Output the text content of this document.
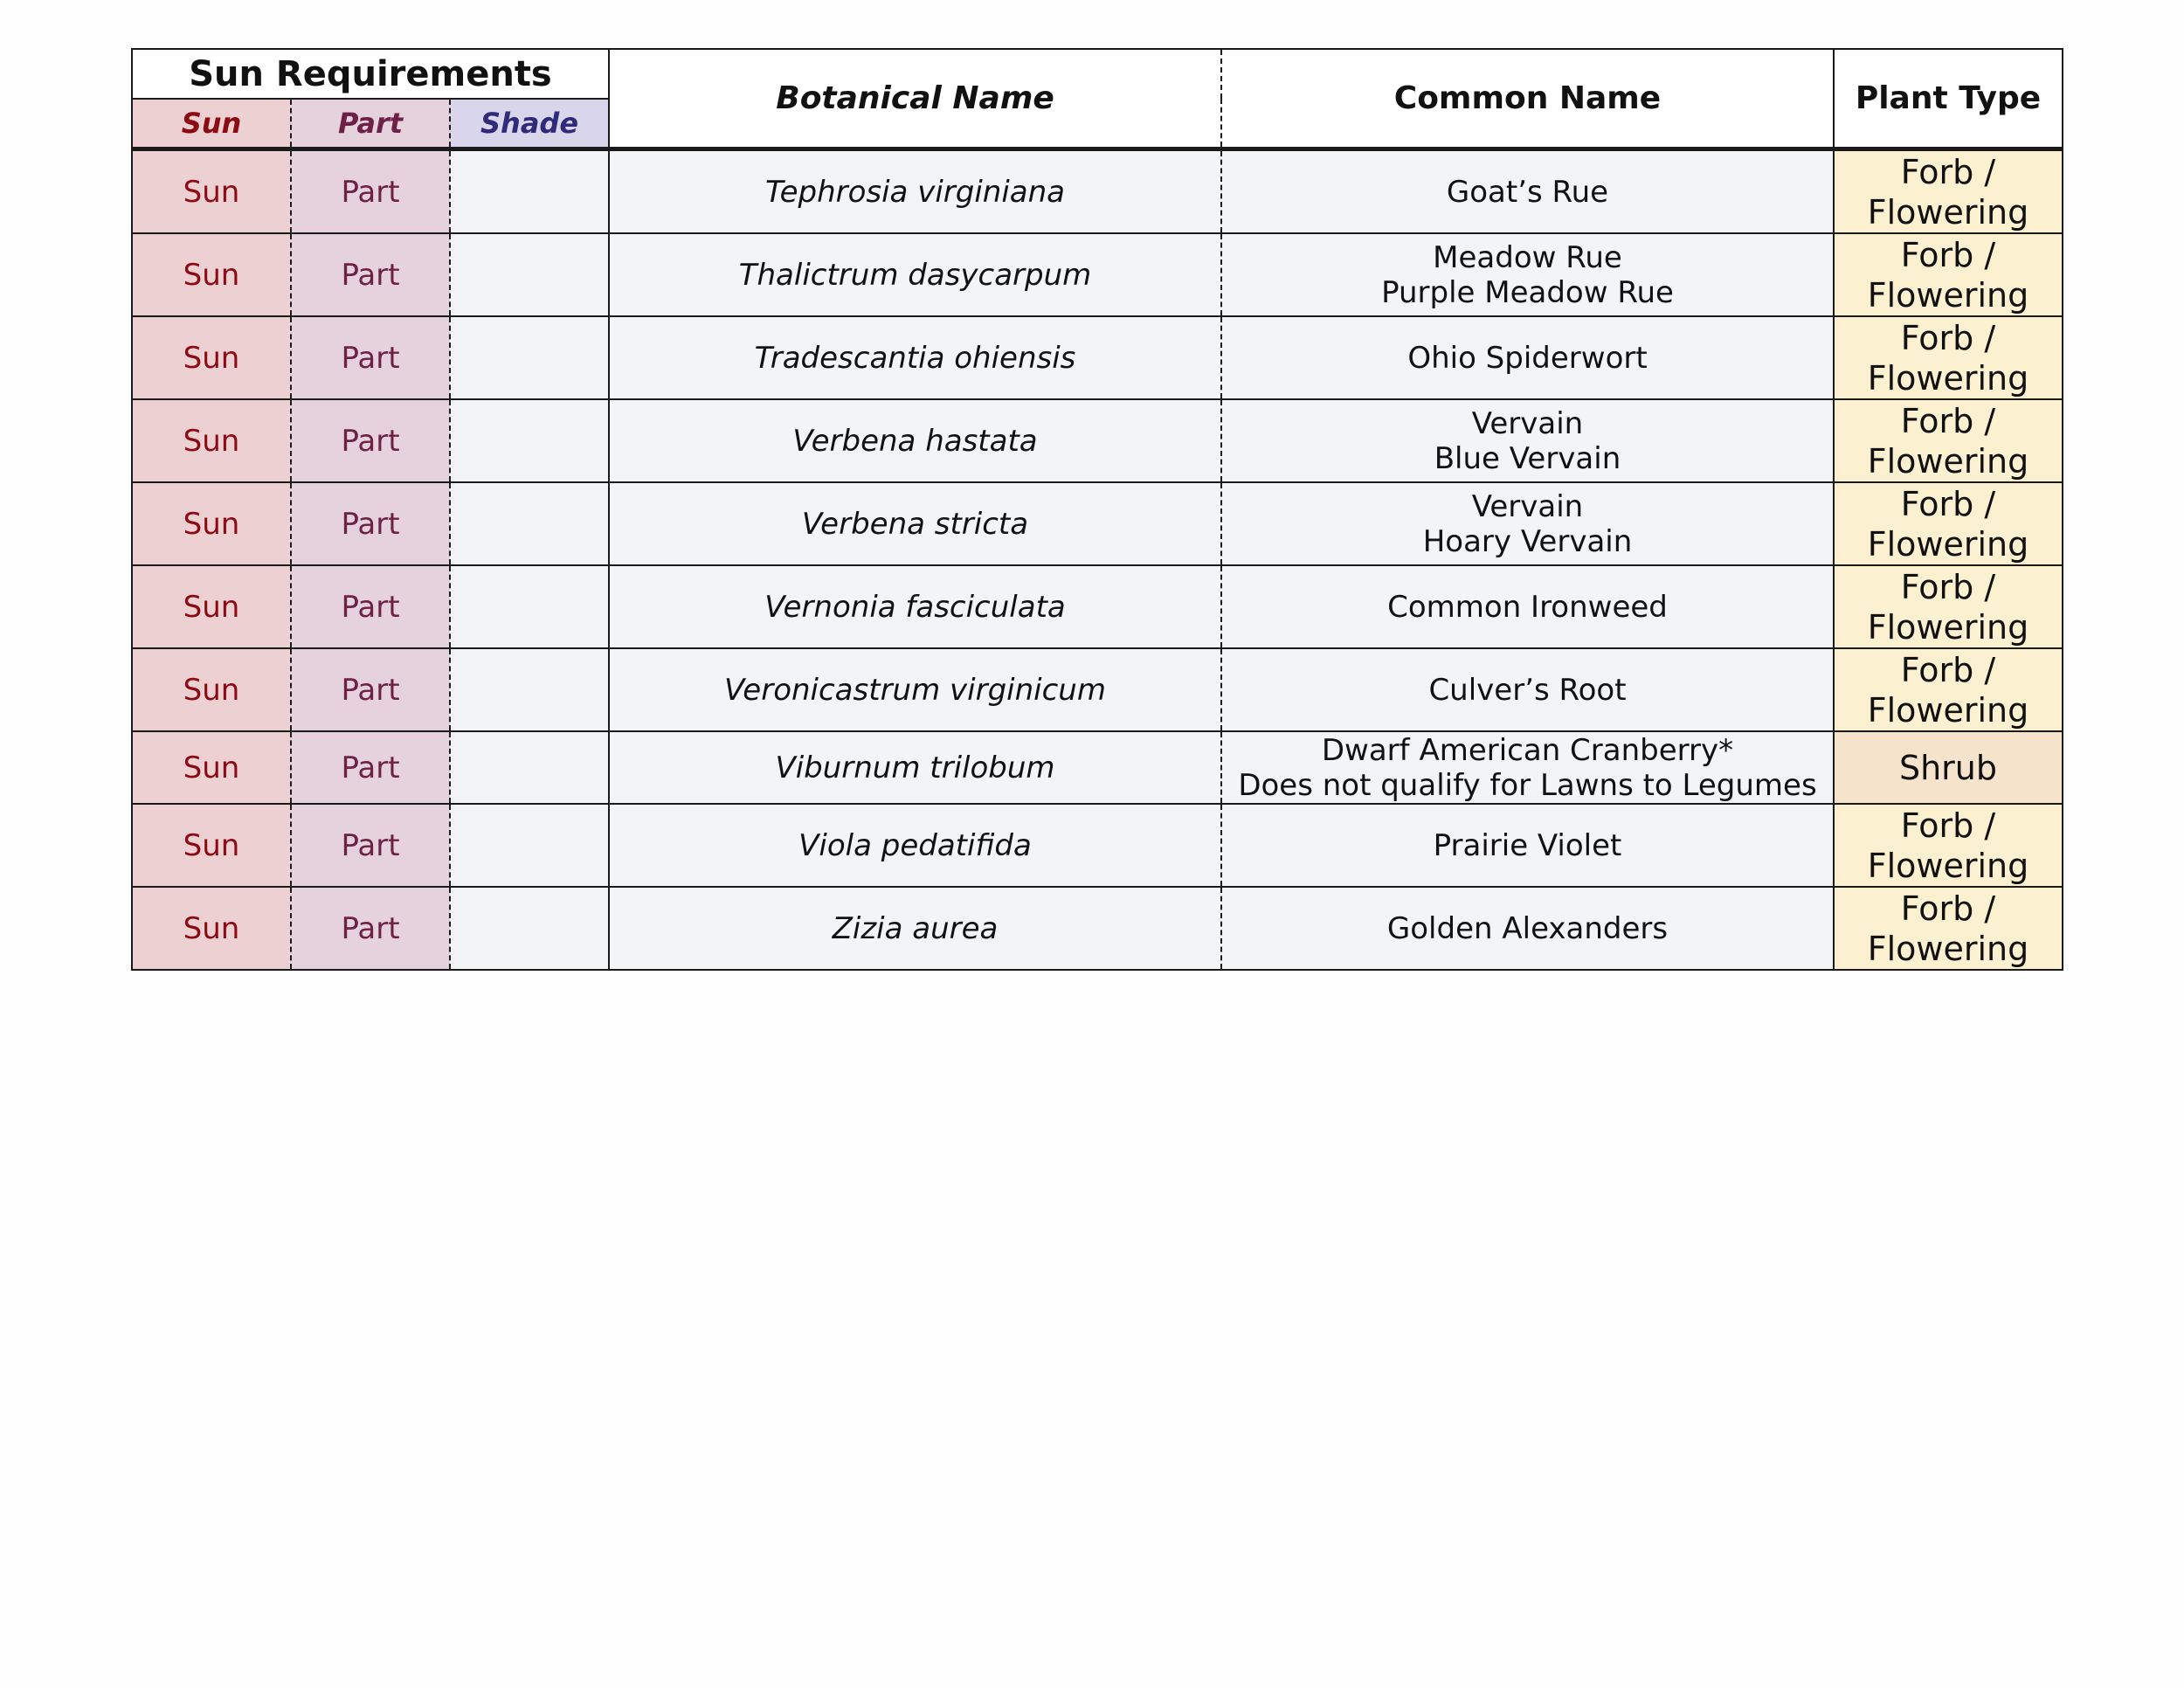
Sun Requirements			Botanical Name	Common Name	Plant Type
Sun	Part	Shade			
Sun	Part		Tephrosia virginiana	Goat’s Rue	Forb /
Flowering

Sun	Part		Thalictrum dasycarpum	Meadow Rue
Purple Meadow Rue	Forb /
Flowering

Sun	Part		Tradescantia ohiensis	Ohio Spiderwort	Forb /
Flowering

Sun	Part		Verbena hastata	Vervain
Blue Vervain	Forb /
Flowering

Sun	Part		Verbena stricta	Vervain
Hoary Vervain	Forb /
Flowering

Sun	Part		Vernonia fasciculata	Common Ironweed	Forb /
Flowering

Sun	Part		Veronicastrum virginicum	Culver’s Root	Forb /
Flowering

Sun	Part		Viburnum trilobum	Dwarf American Cranberry*
Does not qualify for Lawns to Legumes	Shrub

Sun	Part		Viola pedatifida	Prairie Violet	Forb /
Flowering

Sun	Part		Zizia aurea	Golden Alexanders	Forb /
Flowering
